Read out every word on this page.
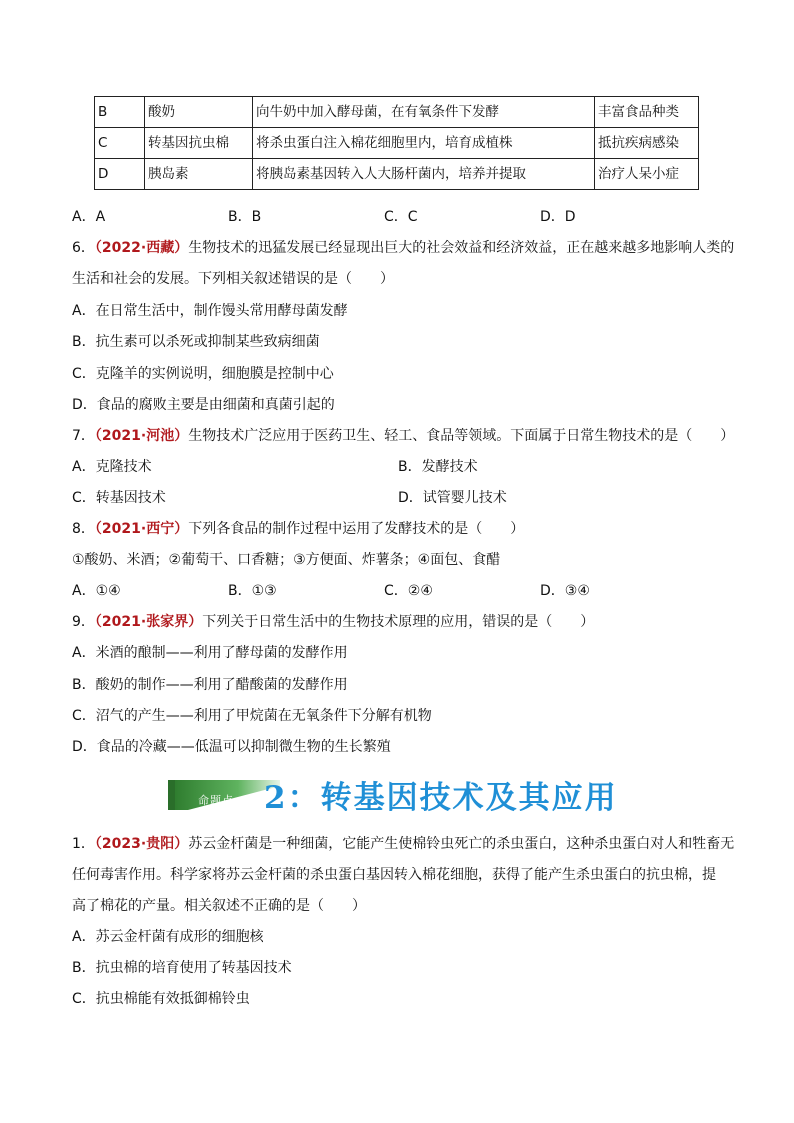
B	酸奶	向牛奶中加入酵母菌，在有氧条件下发酵	丰富食品种类
C	转基因抗虫棉	将杀虫蛋白注入棉花细胞里内，培育成植株	抵抗疾病感染
D	胰岛素	将胰岛素基因转入人大肠杆菌内，培养并提取	治疗人呆小症
A．A	B．B	C．C	D．D
6．（2022·西藏）生物技术的迅猛发展已经显现出巨大的社会效益和经济效益，正在越来越多地影响人类的
生活和社会的发展。下列相关叙述错误的是（　　）
A．在日常生活中，制作馒头常用酵母菌发酵
B．抗生素可以杀死或抑制某些致病细菌
C．克隆羊的实例说明，细胞膜是控制中心
D．食品的腐败主要是由细菌和真菌引起的
7．（2021·河池）生物技术广泛应用于医药卫生、轻工、食品等领域。下面属于日常生物技术的是（　　）
A．克隆技术	B．发酵技术
C．转基因技术	D．试管婴儿技术
8．（2021·西宁）下列各食品的制作过程中运用了发酵技术的是（　　）
①酸奶、米酒；②葡萄干、口香糖；③方便面、炸薯条；④面包、食醋
A．①④	B．①③	C．②④	D．③④
9．（2021·张家界）下列关于日常生活中的生物技术原理的应用，错误的是（　　）
A．米酒的酿制——利用了酵母菌的发酵作用
B．酸奶的制作——利用了醋酸菌的发酵作用
C．沼气的产生——利用了甲烷菌在无氧条件下分解有机物
D．食品的冷藏——低温可以抑制微生物的生长繁殖
命题点 2：转基因技术及其应用
1．（2023·贵阳）苏云金杆菌是一种细菌，它能产生使棉铃虫死亡的杀虫蛋白，这种杀虫蛋白对人和牲畜无
任何毒害作用。科学家将苏云金杆菌的杀虫蛋白基因转入棉花细胞，获得了能产生杀虫蛋白的抗虫棉，提
高了棉花的产量。相关叙述不正确的是（　　）
A．苏云金杆菌有成形的细胞核
B．抗虫棉的培育使用了转基因技术
C．抗虫棉能有效抵御棉铃虫
